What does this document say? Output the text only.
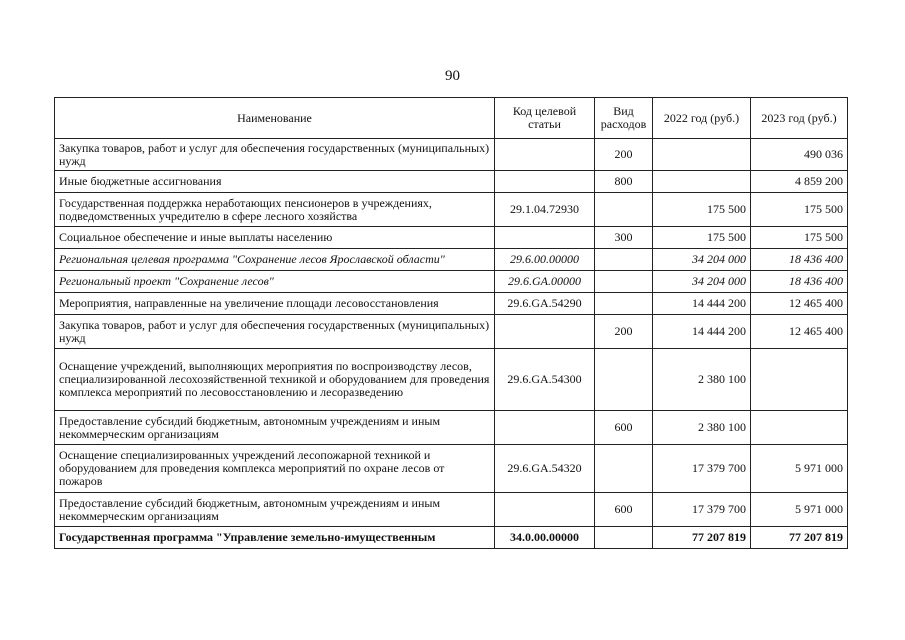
90
Наименование	Код целевой статьи	Вид расходов	2022 год (руб.)	2023 год (руб.)
Закупка товаров, работ и услуг для обеспечения государственных (муниципальных) нужд		200		490 036
Иные бюджетные ассигнования		800		4 859 200
Государственная поддержка неработающих пенсионеров в учреждениях, подведомственных учредителю в сфере лесного хозяйства	29.1.04.72930		175 500	175 500
Социальное обеспечение и иные выплаты населению		300	175 500	175 500
Региональная целевая программа "Сохранение лесов Ярославской области"	29.6.00.00000		34 204 000	18 436 400
Региональный проект "Сохранение лесов"	29.6.GA.00000		34 204 000	18 436 400
Мероприятия, направленные на увеличение площади лесовосстановления	29.6.GA.54290		14 444 200	12 465 400
Закупка товаров, работ и услуг для обеспечения государственных (муниципальных) нужд		200	14 444 200	12 465 400
Оснащение учреждений, выполняющих мероприятия по воспроизводству лесов, специализированной лесохозяйственной техникой и оборудованием для проведения комплекса мероприятий по лесовосстановлению и лесоразведению	29.6.GA.54300		2 380 100	
Предоставление субсидий бюджетным, автономным учреждениям и иным некоммерческим организациям		600	2 380 100	
Оснащение специализированных учреждений лесопожарной техникой и оборудованием для проведения комплекса мероприятий по охране лесов от пожаров	29.6.GA.54320		17 379 700	5 971 000
Предоставление субсидий бюджетным, автономным учреждениям и иным некоммерческим организациям		600	17 379 700	5 971 000
Государственная программа "Управление земельно-имущественным	34.0.00.00000		77 207 819	77 207 819
